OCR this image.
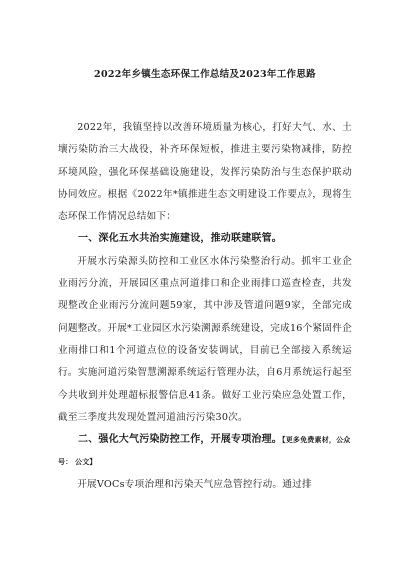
2022年乡镇生态环保工作总结及2023年工作思路

2022年，我镇坚持以改善环境质量为核心，打好大气、水、土壤污染防治三大战役，补齐环保短板，推进主要污染物减排，防控环境风险，强化环保基础设施建设，发挥污染防治与生态保护联动协同效应。根据《2022年*镇推进生态文明建设工作要点》，现将生态环保工作情况总结如下：

一、深化五水共治实施建设，推动联建联管。

开展水污染源头防控和工业区水体污染整治行动。抓牢工业企业雨污分流，开展园区重点河道排口和企业雨排口巡查检查，共发现整改企业雨污分流问题59家，其中涉及管道问题9家，全部完成问题整改。开展*工业园区水污染溯源系统建设，完成16个紧固件企业雨排口和1个河道点位的设备安装调试，目前已全部接入系统运行。实施河道污染智慧溯源系统运行管理办法，自6月系统运行起至今共收到并处理超标报警信息41条。做好工业污染应急处置工作，截至三季度共发现处置河道油污污染30次。

二、强化大气污染防控工作，开展专项治理。【更多免费素材，公众号： 公文】

开展VOCs专项治理和污染天气应急管控行动。通过排
